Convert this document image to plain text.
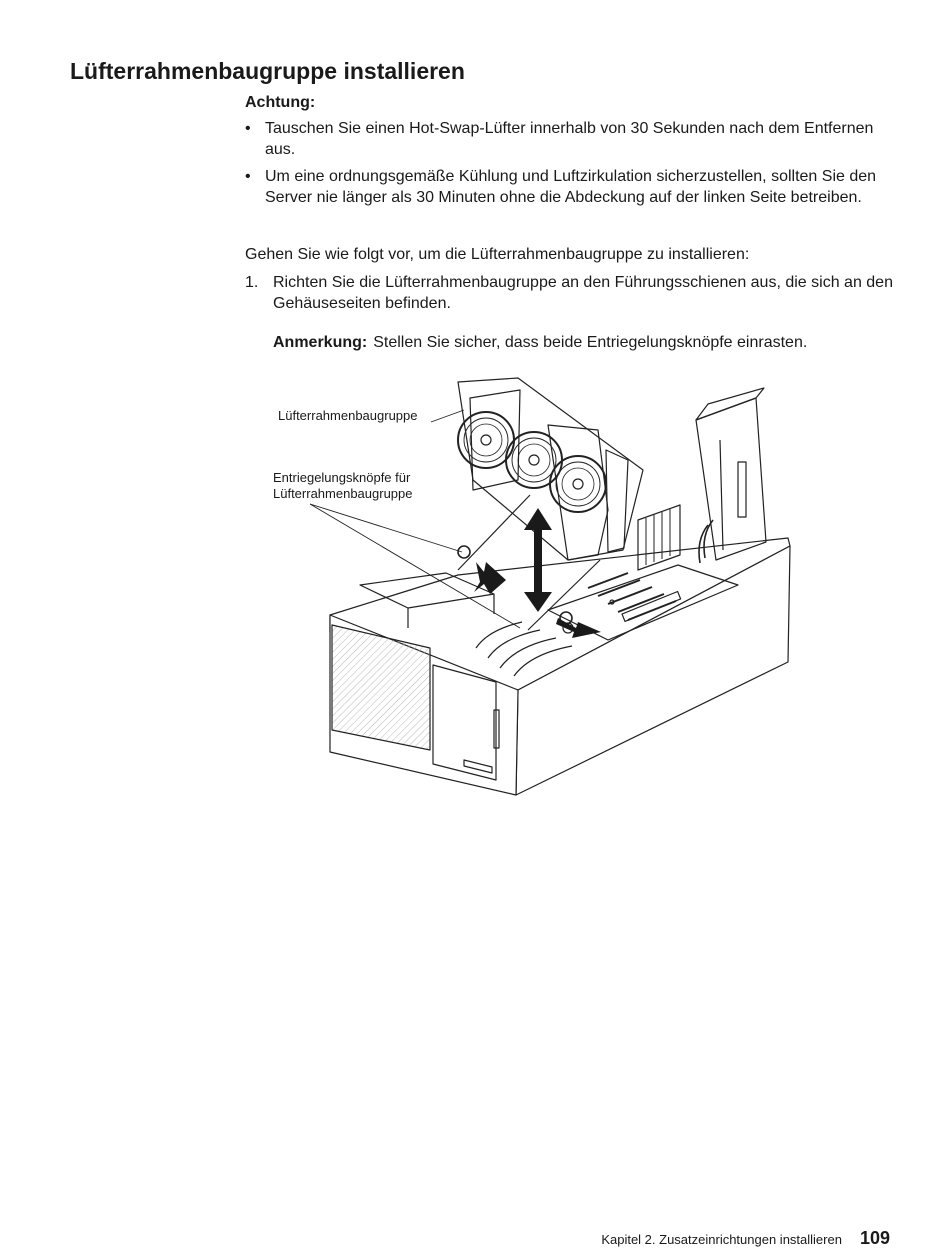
Lüfterrahmenbaugruppe installieren
Achtung:
• Tauschen Sie einen Hot-Swap-Lüfter innerhalb von 30 Sekunden nach dem Entfernen aus.
• Um eine ordnungsgemäße Kühlung und Luftzirkulation sicherzustellen, sollten Sie den Server nie länger als 30 Minuten ohne die Abdeckung auf der linken Seite betreiben.
Gehen Sie wie folgt vor, um die Lüfterrahmenbaugruppe zu installieren:
1. Richten Sie die Lüfterrahmenbaugruppe an den Führungsschienen aus, die sich an den Gehäuseseiten befinden.
Anmerkung: Stellen Sie sicher, dass beide Entriegelungsknöpfe einrasten.
Lüfterrahmenbaugruppe
Entriegelungsknöpfe für
Lüfterrahmenbaugruppe
Kapitel 2. Zusatzeinrichtungen installieren 109
